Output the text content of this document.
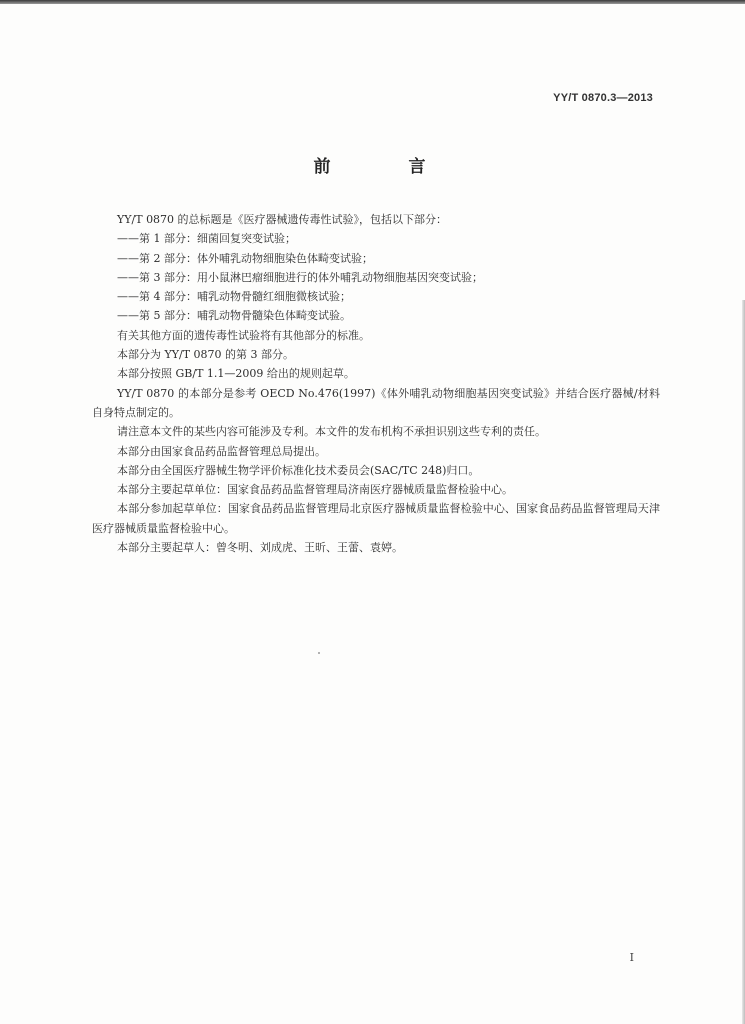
YY/T 0870.3—2013
前 言

YY/T 0870 的总标题是《医疗器械遗传毒性试验》，包括以下部分：

——第 1 部分：细菌回复突变试验；

——第 2 部分：体外哺乳动物细胞染色体畸变试验；

——第 3 部分：用小鼠淋巴瘤细胞进行的体外哺乳动物细胞基因突变试验；

——第 4 部分：哺乳动物骨髓红细胞微核试验；

——第 5 部分：哺乳动物骨髓染色体畸变试验。

有关其他方面的遗传毒性试验将有其他部分的标准。

本部分为 YY/T 0870 的第 3 部分。

本部分按照 GB/T 1.1—2009 给出的规则起草。

YY/T 0870 的本部分是参考 OECD No.476(1997)《体外哺乳动物细胞基因突变试验》并结合医疗器械/材料自身特点制定的。

请注意本文件的某些内容可能涉及专利。本文件的发布机构不承担识别这些专利的责任。

本部分由国家食品药品监督管理总局提出。

本部分由全国医疗器械生物学评价标准化技术委员会(SAC/TC 248)归口。

本部分主要起草单位：国家食品药品监督管理局济南医疗器械质量监督检验中心。

本部分参加起草单位：国家食品药品监督管理局北京医疗器械质量监督检验中心、国家食品药品监督管理局天津医疗器械质量监督检验中心。

本部分主要起草人：曾冬明、刘成虎、王昕、王蕾、袁婷。

I
